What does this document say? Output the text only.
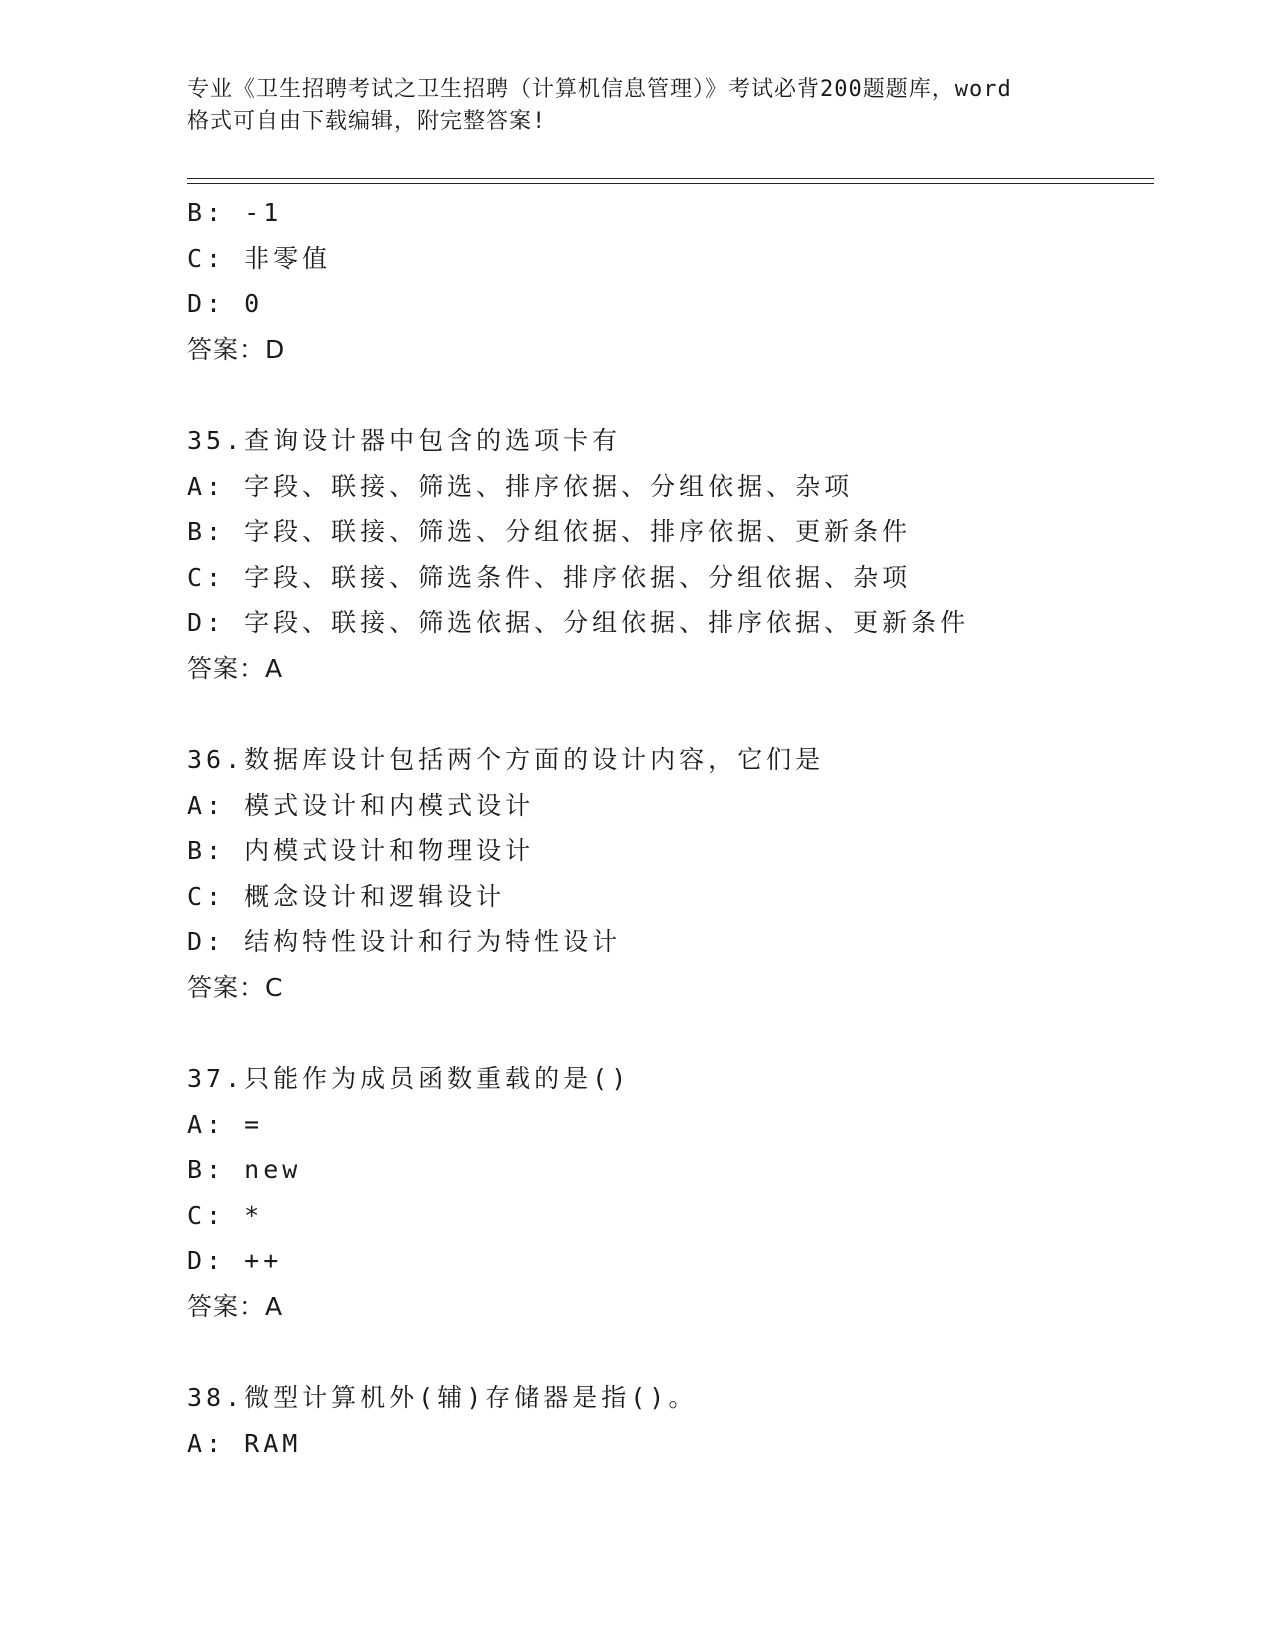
专业《卫生招聘考试之卫生招聘（计算机信息管理）》考试必背200题题库，word
格式可自由下载编辑，附完整答案!
B: -1
C: 非零值
D: 0
答案：D
35.查询设计器中包含的选项卡有
A: 字段、联接、筛选、排序依据、分组依据、杂项
B: 字段、联接、筛选、分组依据、排序依据、更新条件
C: 字段、联接、筛选条件、排序依据、分组依据、杂项
D: 字段、联接、筛选依据、分组依据、排序依据、更新条件
答案：A
36.数据库设计包括两个方面的设计内容，它们是
A: 模式设计和内模式设计
B: 内模式设计和物理设计
C: 概念设计和逻辑设计
D: 结构特性设计和行为特性设计
答案：C
37.只能作为成员函数重载的是()
A: =
B: new
C: *
D: ++
答案：A
38.微型计算机外(辅)存储器是指()。
A: RAM
